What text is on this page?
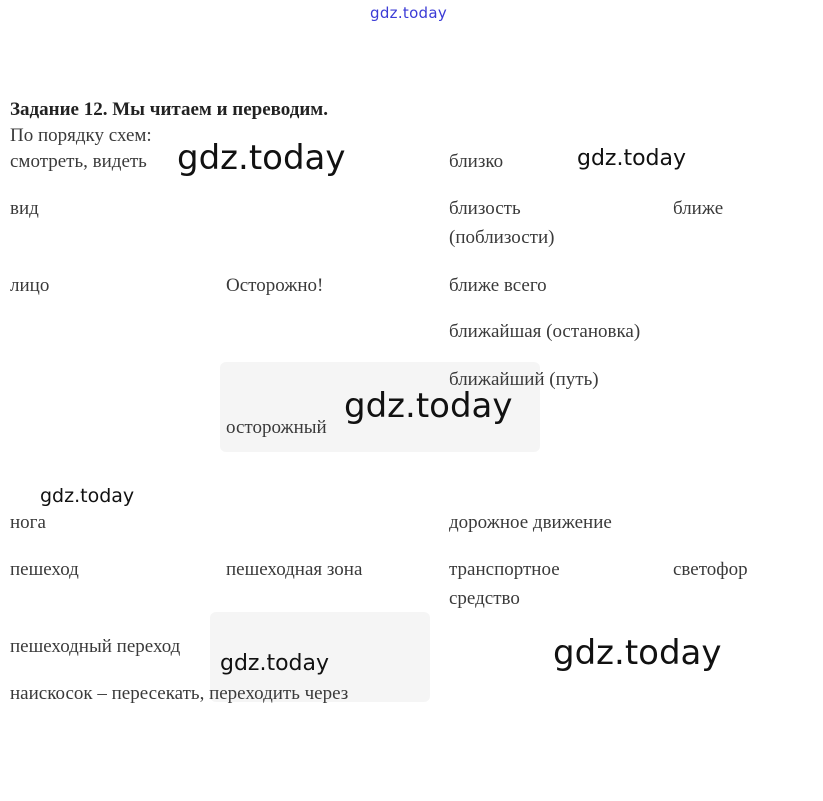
gdz.today
Задание 12. Мы читаем и переводим.
По порядку схем:
смотреть, видеть
вид
лицо
нога
пешеход
пешеходный переход
наискосок – пересекать, переходить через
Осторожно!
осторожный
пешеходная зона
близко
близость
(поблизости)
ближе всего
ближайшая (остановка)
ближайший (путь)
дорожное движение
транспортное
средство
ближе
светофор
gdz.today	gdz.today
gdz.today
gdz.today
gdz.today
gdz.today
